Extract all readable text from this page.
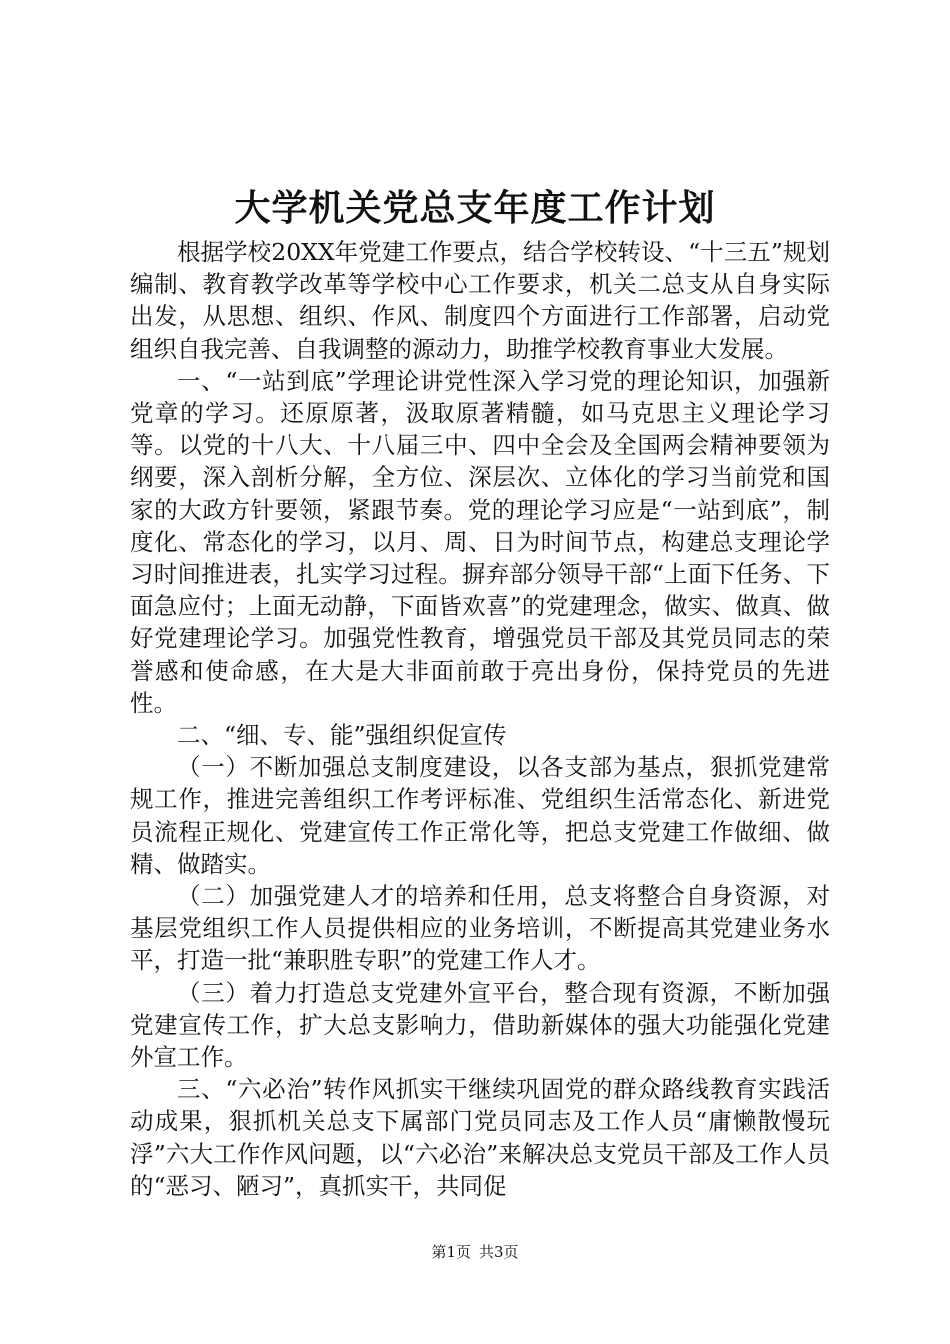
大学机关党总支年度工作计划

根据学校20XX年党建工作要点，结合学校转设、“十三五”规划编制、教育教学改革等学校中心工作要求，机关二总支从自身实际出发，从思想、组织、作风、制度四个方面进行工作部署，启动党组织自我完善、自我调整的源动力，助推学校教育事业大发展。

一、“一站到底”学理论讲党性深入学习党的理论知识，加强新党章的学习。还原原著，汲取原著精髓，如马克思主义理论学习等。以党的十八大、十八届三中、四中全会及全国两会精神要领为纲要，深入剖析分解，全方位、深层次、立体化的学习当前党和国家的大政方针要领，紧跟节奏。党的理论学习应是“一站到底”，制度化、常态化的学习，以月、周、日为时间节点，构建总支理论学习时间推进表，扎实学习过程。摒弃部分领导干部“上面下任务、下面急应付；上面无动静，下面皆欢喜”的党建理念，做实、做真、做好党建理论学习。加强党性教育，增强党员干部及其党员同志的荣誉感和使命感，在大是大非面前敢于亮出身份，保持党员的先进性。

二、“细、专、能”强组织促宣传

（一）不断加强总支制度建设，以各支部为基点，狠抓党建常规工作，推进完善组织工作考评标准、党组织生活常态化、新进党员流程正规化、党建宣传工作正常化等，把总支党建工作做细、做精、做踏实。

（二）加强党建人才的培养和任用，总支将整合自身资源，对基层党组织工作人员提供相应的业务培训，不断提高其党建业务水平，打造一批“兼职胜专职”的党建工作人才。

（三）着力打造总支党建外宣平台，整合现有资源，不断加强党建宣传工作，扩大总支影响力，借助新媒体的强大功能强化党建外宣工作。

三、“六必治”转作风抓实干继续巩固党的群众路线教育实践活动成果，狠抓机关总支下属部门党员同志及工作人员“庸懒散慢玩浮”六大工作作风问题，以“六必治”来解决总支党员干部及工作人员的“恶习、陋习”，真抓实干，共同促

第1页 共3页
